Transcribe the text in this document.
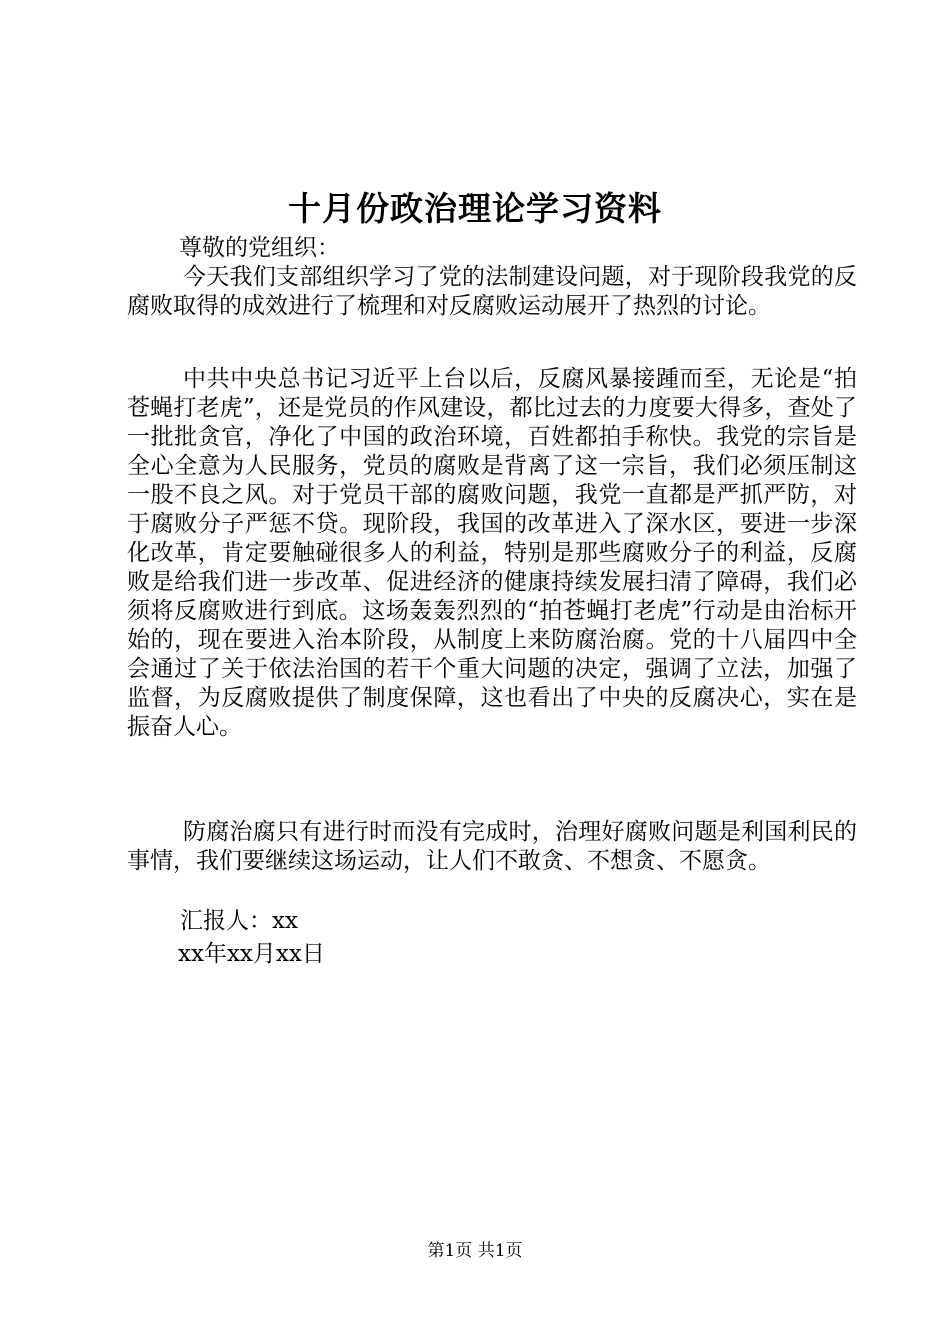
十月份政治理论学习资料
尊敬的党组织：
今天我们支部组织学习了党的法制建设问题，对于现阶段我党的反腐败取得的成效进行了梳理和对反腐败运动展开了热烈的讨论。
中共中央总书记习近平上台以后，反腐风暴接踵而至，无论是“拍苍蝇打老虎”，还是党员的作风建设，都比过去的力度要大得多，查处了一批批贪官，净化了中国的政治环境，百姓都拍手称快。我党的宗旨是全心全意为人民服务，党员的腐败是背离了这一宗旨，我们必须压制这一股不良之风。对于党员干部的腐败问题，我党一直都是严抓严防，对于腐败分子严惩不贷。现阶段，我国的改革进入了深水区，要进一步深化改革，肯定要触碰很多人的利益，特别是那些腐败分子的利益，反腐败是给我们进一步改革、促进经济的健康持续发展扫清了障碍，我们必须将反腐败进行到底。这场轰轰烈烈的“拍苍蝇打老虎”行动是由治标开始的，现在要进入治本阶段，从制度上来防腐治腐。党的十八届四中全会通过了关于依法治国的若干个重大问题的决定，强调了立法，加强了监督，为反腐败提供了制度保障，这也看出了中央的反腐决心，实在是振奋人心。
防腐治腐只有进行时而没有完成时，治理好腐败问题是利国利民的事情，我们要继续这场运动，让人们不敢贪、不想贪、不愿贪。
汇报人：xx
xx年xx月xx日
第1页 共1页
